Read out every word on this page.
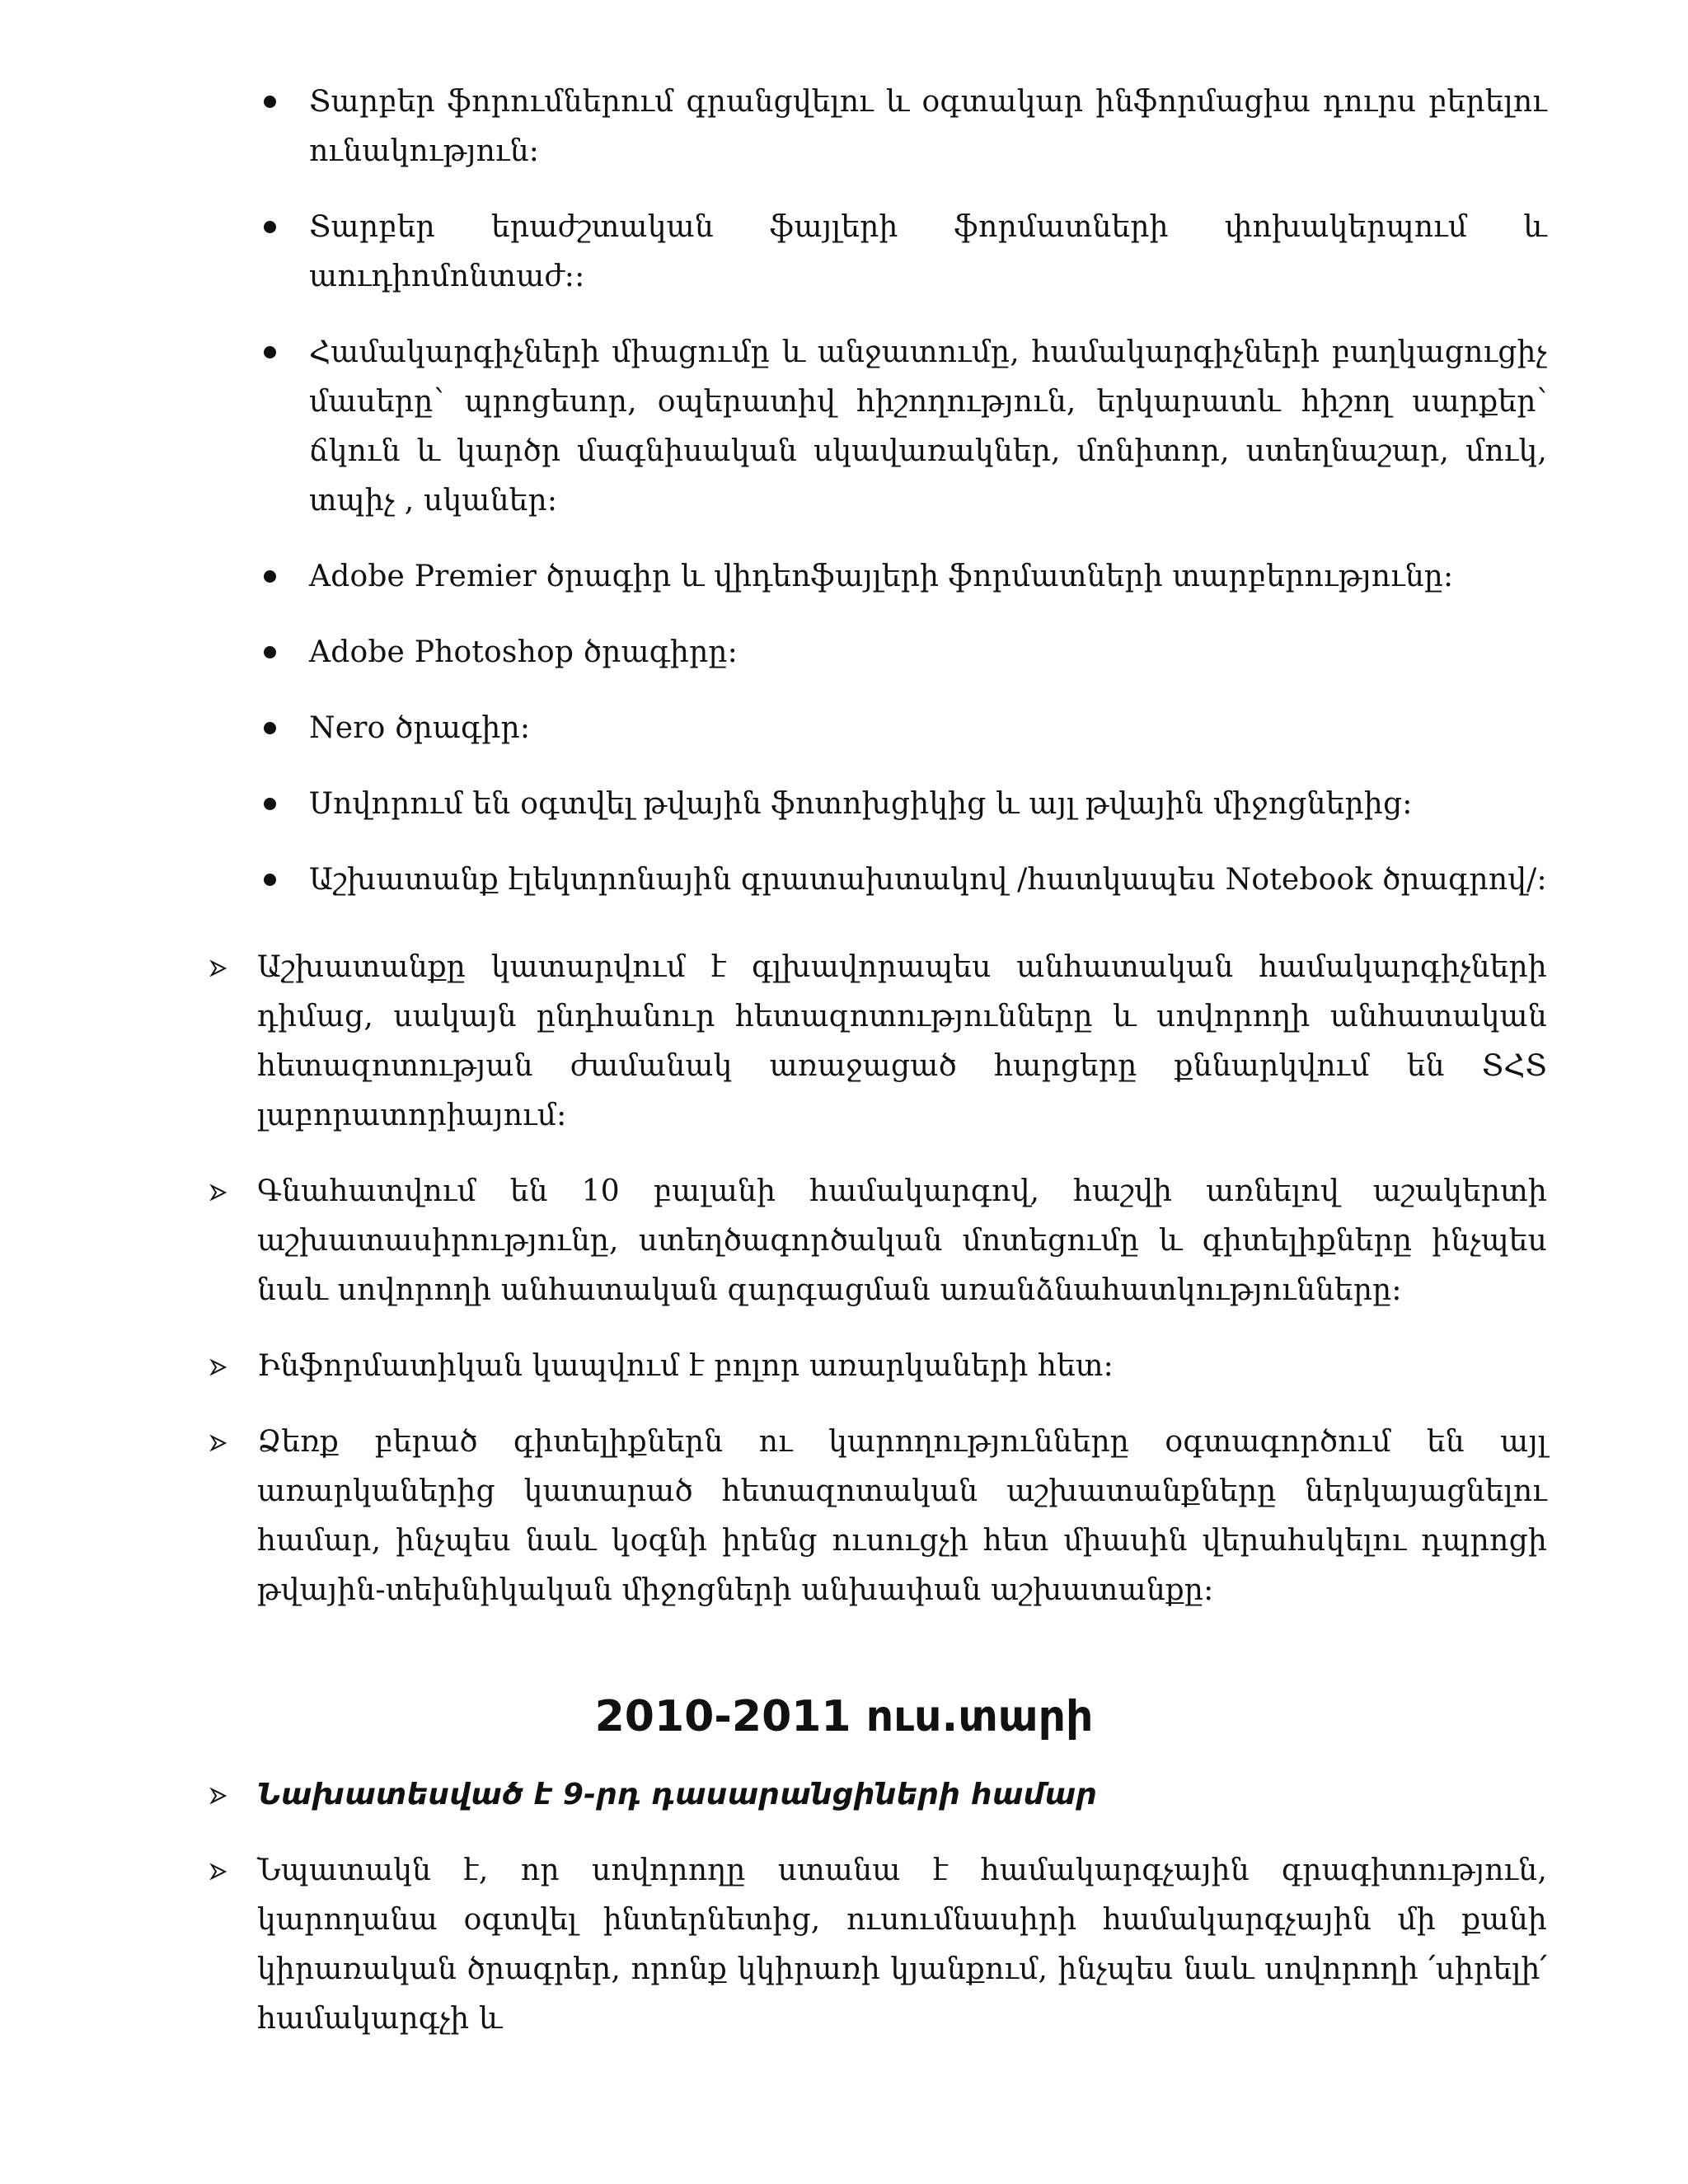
Տարբեր ֆորումներում գրանցվելու և օգտակար ինֆորմացիա դուրս բերելու ունակություն։
Տարբեր երաժշտական ֆայլերի ֆորմատների փոխակերպում և աուդիոմոնտաժ::
Համակարգիչների միացումը և անջատումը, համակարգիչների բաղկացուցիչ մասերը՝ պրոցեսոր, օպերատիվ հիշողություն, երկարատև հիշող սարքեր՝ ճկուն և կարծր մագնիսական սկավառակներ, մոնիտոր, ստեղնաշար, մուկ, տպիչ , սկաներ:
Adobe Premier ծրագիր և վիդեոֆայլերի ֆորմատների տարբերությունը:
Adobe Photoshop ծրագիրը:
Nero ծրագիր:
Սովորում են օգտվել թվային ֆոտոխցիկից և այլ թվային միջոցներից:
Աշխատանք էլեկտրոնային գրատախտակով /հատկապես Notebook ծրագրով/:
Աշխատանքը կատարվում է գլխավորապես անհատական համակարգիչների դիմաց, սակայն ընդհանուր հետազոտությունները և սովորողի անհատական հետազոտության ժամանակ առաջացած հարցերը քննարկվում են ՏՀՏ լաբորատորիայում:
Գնահատվում են 10 բալանի համակարգով, հաշվի առնելով աշակերտի աշխատասիրությունը, ստեղծագործական մոտեցումը և գիտելիքները ինչպես նաև սովորողի անհատական զարգացման առանձնահատկությունները:
Ինֆորմատիկան կապվում է բոլոր առարկաների հետ:
Ձեռք բերած գիտելիքներն ու կարողությունները օգտագործում են այլ առարկաներից կատարած հետազոտական աշխատանքները ներկայացնելու համար, ինչպես նաև կօգնի իրենց ուսուցչի հետ միասին վերահսկելու դպրոցի թվային-տեխնիկական միջոցների անխափան աշխատանքը։
2010-2011 ուս.տարի
Նախատեսված է 9-րդ դասարանցիների համար
Նպատակն է, որ սովորողը ստանա է համակարգչային գրագիտություն, կարողանա օգտվել ինտերնետից, ուսումնասիրի համակարգչային մի քանի կիրառական ծրագրեր, որոնք կկիրառի կյանքում, ինչպես նաև սովորողի ՛սիրելի՛ համակարգչի և
